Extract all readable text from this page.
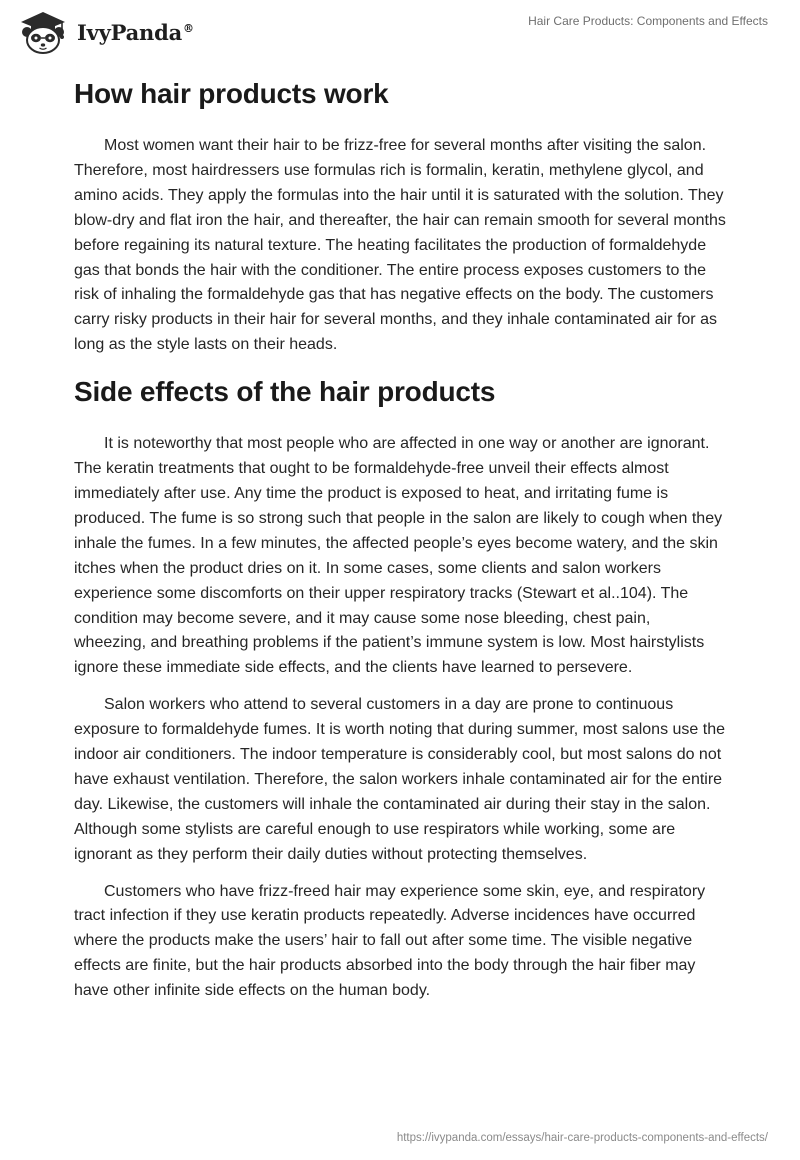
IvyPanda®	Hair Care Products: Components and Effects
How hair products work

Most women want their hair to be frizz-free for several months after visiting the salon. Therefore, most hairdressers use formulas rich is formalin, keratin, methylene glycol, and amino acids. They apply the formulas into the hair until it is saturated with the solution. They blow-dry and flat iron the hair, and thereafter, the hair can remain smooth for several months before regaining its natural texture. The heating facilitates the production of formaldehyde gas that bonds the hair with the conditioner. The entire process exposes customers to the risk of inhaling the formaldehyde gas that has negative effects on the body. The customers carry risky products in their hair for several months, and they inhale contaminated air for as long as the style lasts on their heads.

Side effects of the hair products

It is noteworthy that most people who are affected in one way or another are ignorant. The keratin treatments that ought to be formaldehyde-free unveil their effects almost immediately after use. Any time the product is exposed to heat, and irritating fume is produced. The fume is so strong such that people in the salon are likely to cough when they inhale the fumes. In a few minutes, the affected people’s eyes become watery, and the skin itches when the product dries on it. In some cases, some clients and salon workers experience some discomforts on their upper respiratory tracks (Stewart et al..104). The condition may become severe, and it may cause some nose bleeding, chest pain, wheezing, and breathing problems if the patient’s immune system is low. Most hairstylists ignore these immediate side effects, and the clients have learned to persevere.

Salon workers who attend to several customers in a day are prone to continuous exposure to formaldehyde fumes. It is worth noting that during summer, most salons use the indoor air conditioners. The indoor temperature is considerably cool, but most salons do not have exhaust ventilation. Therefore, the salon workers inhale contaminated air for the entire day. Likewise, the customers will inhale the contaminated air during their stay in the salon. Although some stylists are careful enough to use respirators while working, some are ignorant as they perform their daily duties without protecting themselves.

Customers who have frizz-freed hair may experience some skin, eye, and respiratory tract infection if they use keratin products repeatedly. Adverse incidences have occurred where the products make the users’ hair to fall out after some time. The visible negative effects are finite, but the hair products absorbed into the body through the hair fiber may have other infinite side effects on the human body.

https://ivypanda.com/essays/hair-care-products-components-and-effects/
